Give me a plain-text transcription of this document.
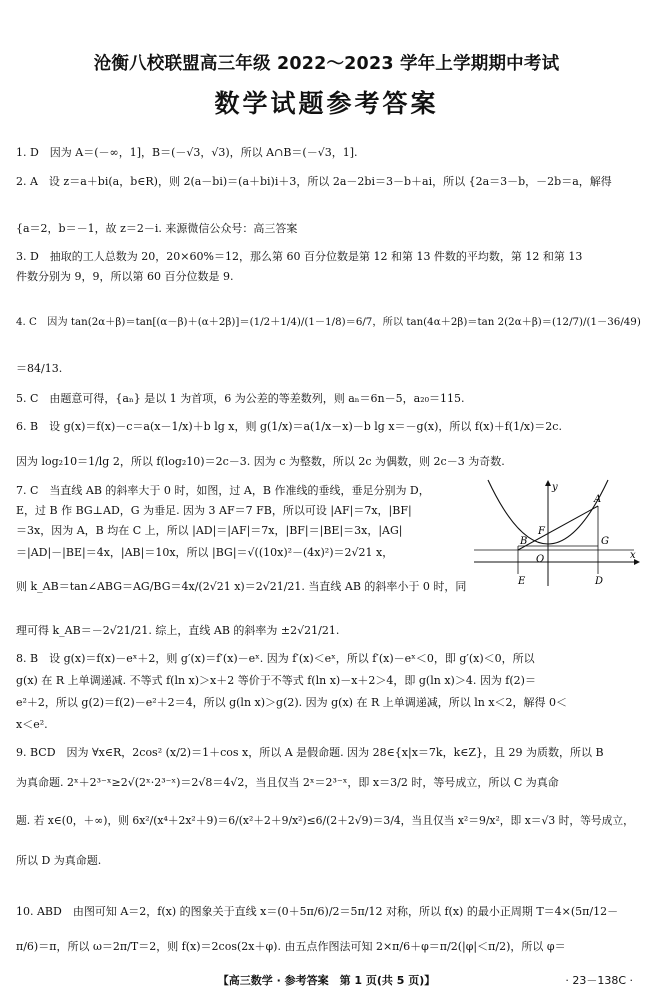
沧衡八校联盟高三年级 2022～2023 学年上学期期中考试
数学试题参考答案
1. D　因为 A＝(－∞，1]，B＝(－√3，√3)，所以 A∩B＝(－√3，1].
2. A　设 z＝a＋bi(a，b∈R)，则 2(a－bi)＝(a＋bi)i＋3，所以 2a－2bi＝3－b＋ai，所以 {2a＝3－b，－2b＝a，解得
{a＝2，b＝－1，故 z＝2－i. 来源微信公众号：高三答案
3. D　抽取的工人总数为 20，20×60%＝12，那么第 60 百分位数是第 12 和第 13 件数的平均数，第 12 和第 13
件数分别为 9，9，所以第 60 百分位数是 9.
4. C　因为 tan(2α＋β)＝tan[(α－β)＋(α＋2β)]＝(1/2＋1/4)/(1－1/8)＝6/7，所以 tan(4α＋2β)＝tan 2(2α＋β)＝(12/7)/(1－36/49)
＝84/13.
5. C　由题意可得，{aₙ} 是以 1 为首项，6 为公差的等差数列，则 aₙ＝6n－5，a₂₀＝115.
6. B　设 g(x)＝f(x)－c＝a(x－1/x)＋b lg x，则 g(1/x)＝a(1/x－x)－b lg x＝－g(x)，所以 f(x)＋f(1/x)＝2c.
因为 log₂10＝1/lg 2，所以 f(log₂10)＝2c－3. 因为 c 为整数，所以 2c 为偶数，则 2c－3 为奇数.
7. C　当直线 AB 的斜率大于 0 时，如图，过 A，B 作准线的垂线，垂足分别为 D，
E，过 B 作 BG⊥AD，G 为垂足. 因为 3 AF＝7 FB，所以可设 |AF|＝7x，|BF|
＝3x，因为 A，B 均在 C 上，所以 |AD|＝|AF|＝7x，|BF|＝|BE|＝3x，|AG|
＝|AD|－|BE|＝4x，|AB|＝10x，所以 |BG|＝√((10x)²－(4x)²)＝2√21 x，
则 k_AB＝tan∠ABG＝AG/BG＝4x/(2√21 x)＝2√21/21. 当直线 AB 的斜率小于 0 时，同
理可得 k_AB＝－2√21/21. 综上，直线 AB 的斜率为 ±2√21/21.
y
x
O
A
B
F
G
E	D
8. B　设 g(x)＝f(x)－eˣ＋2，则 g′(x)＝f′(x)－eˣ. 因为 f′(x)＜eˣ，所以 f′(x)－eˣ＜0，即 g′(x)＜0，所以
g(x) 在 R 上单调递减. 不等式 f(ln x)＞x＋2 等价于不等式 f(ln x)－x＋2＞4，即 g(ln x)＞4. 因为 f(2)＝
e²＋2，所以 g(2)＝f(2)－e²＋2＝4，所以 g(ln x)＞g(2). 因为 g(x) 在 R 上单调递减，所以 ln x＜2，解得 0＜
x＜e².
9. BCD　因为 ∀x∈R，2cos² (x/2)＝1＋cos x，所以 A 是假命题. 因为 28∈{x|x＝7k，k∈Z}，且 29 为质数，所以 B
为真命题. 2ˣ＋2³⁻ˣ≥2√(2ˣ·2³⁻ˣ)＝2√8＝4√2，当且仅当 2ˣ＝2³⁻ˣ，即 x＝3/2 时，等号成立，所以 C 为真命
题. 若 x∈(0，＋∞)，则 6x²/(x⁴＋2x²＋9)＝6/(x²＋2＋9/x²)≤6/(2＋2√9)＝3/4，当且仅当 x²＝9/x²，即 x＝√3 时，等号成立，
所以 D 为真命题.
10. ABD　由图可知 A＝2，f(x) 的图象关于直线 x＝(0＋5π/6)/2＝5π/12 对称，所以 f(x) 的最小正周期 T＝4×(5π/12－
π/6)＝π，所以 ω＝2π/T＝2，则 f(x)＝2cos(2x＋φ). 由五点作图法可知 2×π/6＋φ＝π/2(|φ|＜π/2)，所以 φ＝
【高三数学 · 参考答案　第 1 页(共 5 页)】	· 23－138C ·
